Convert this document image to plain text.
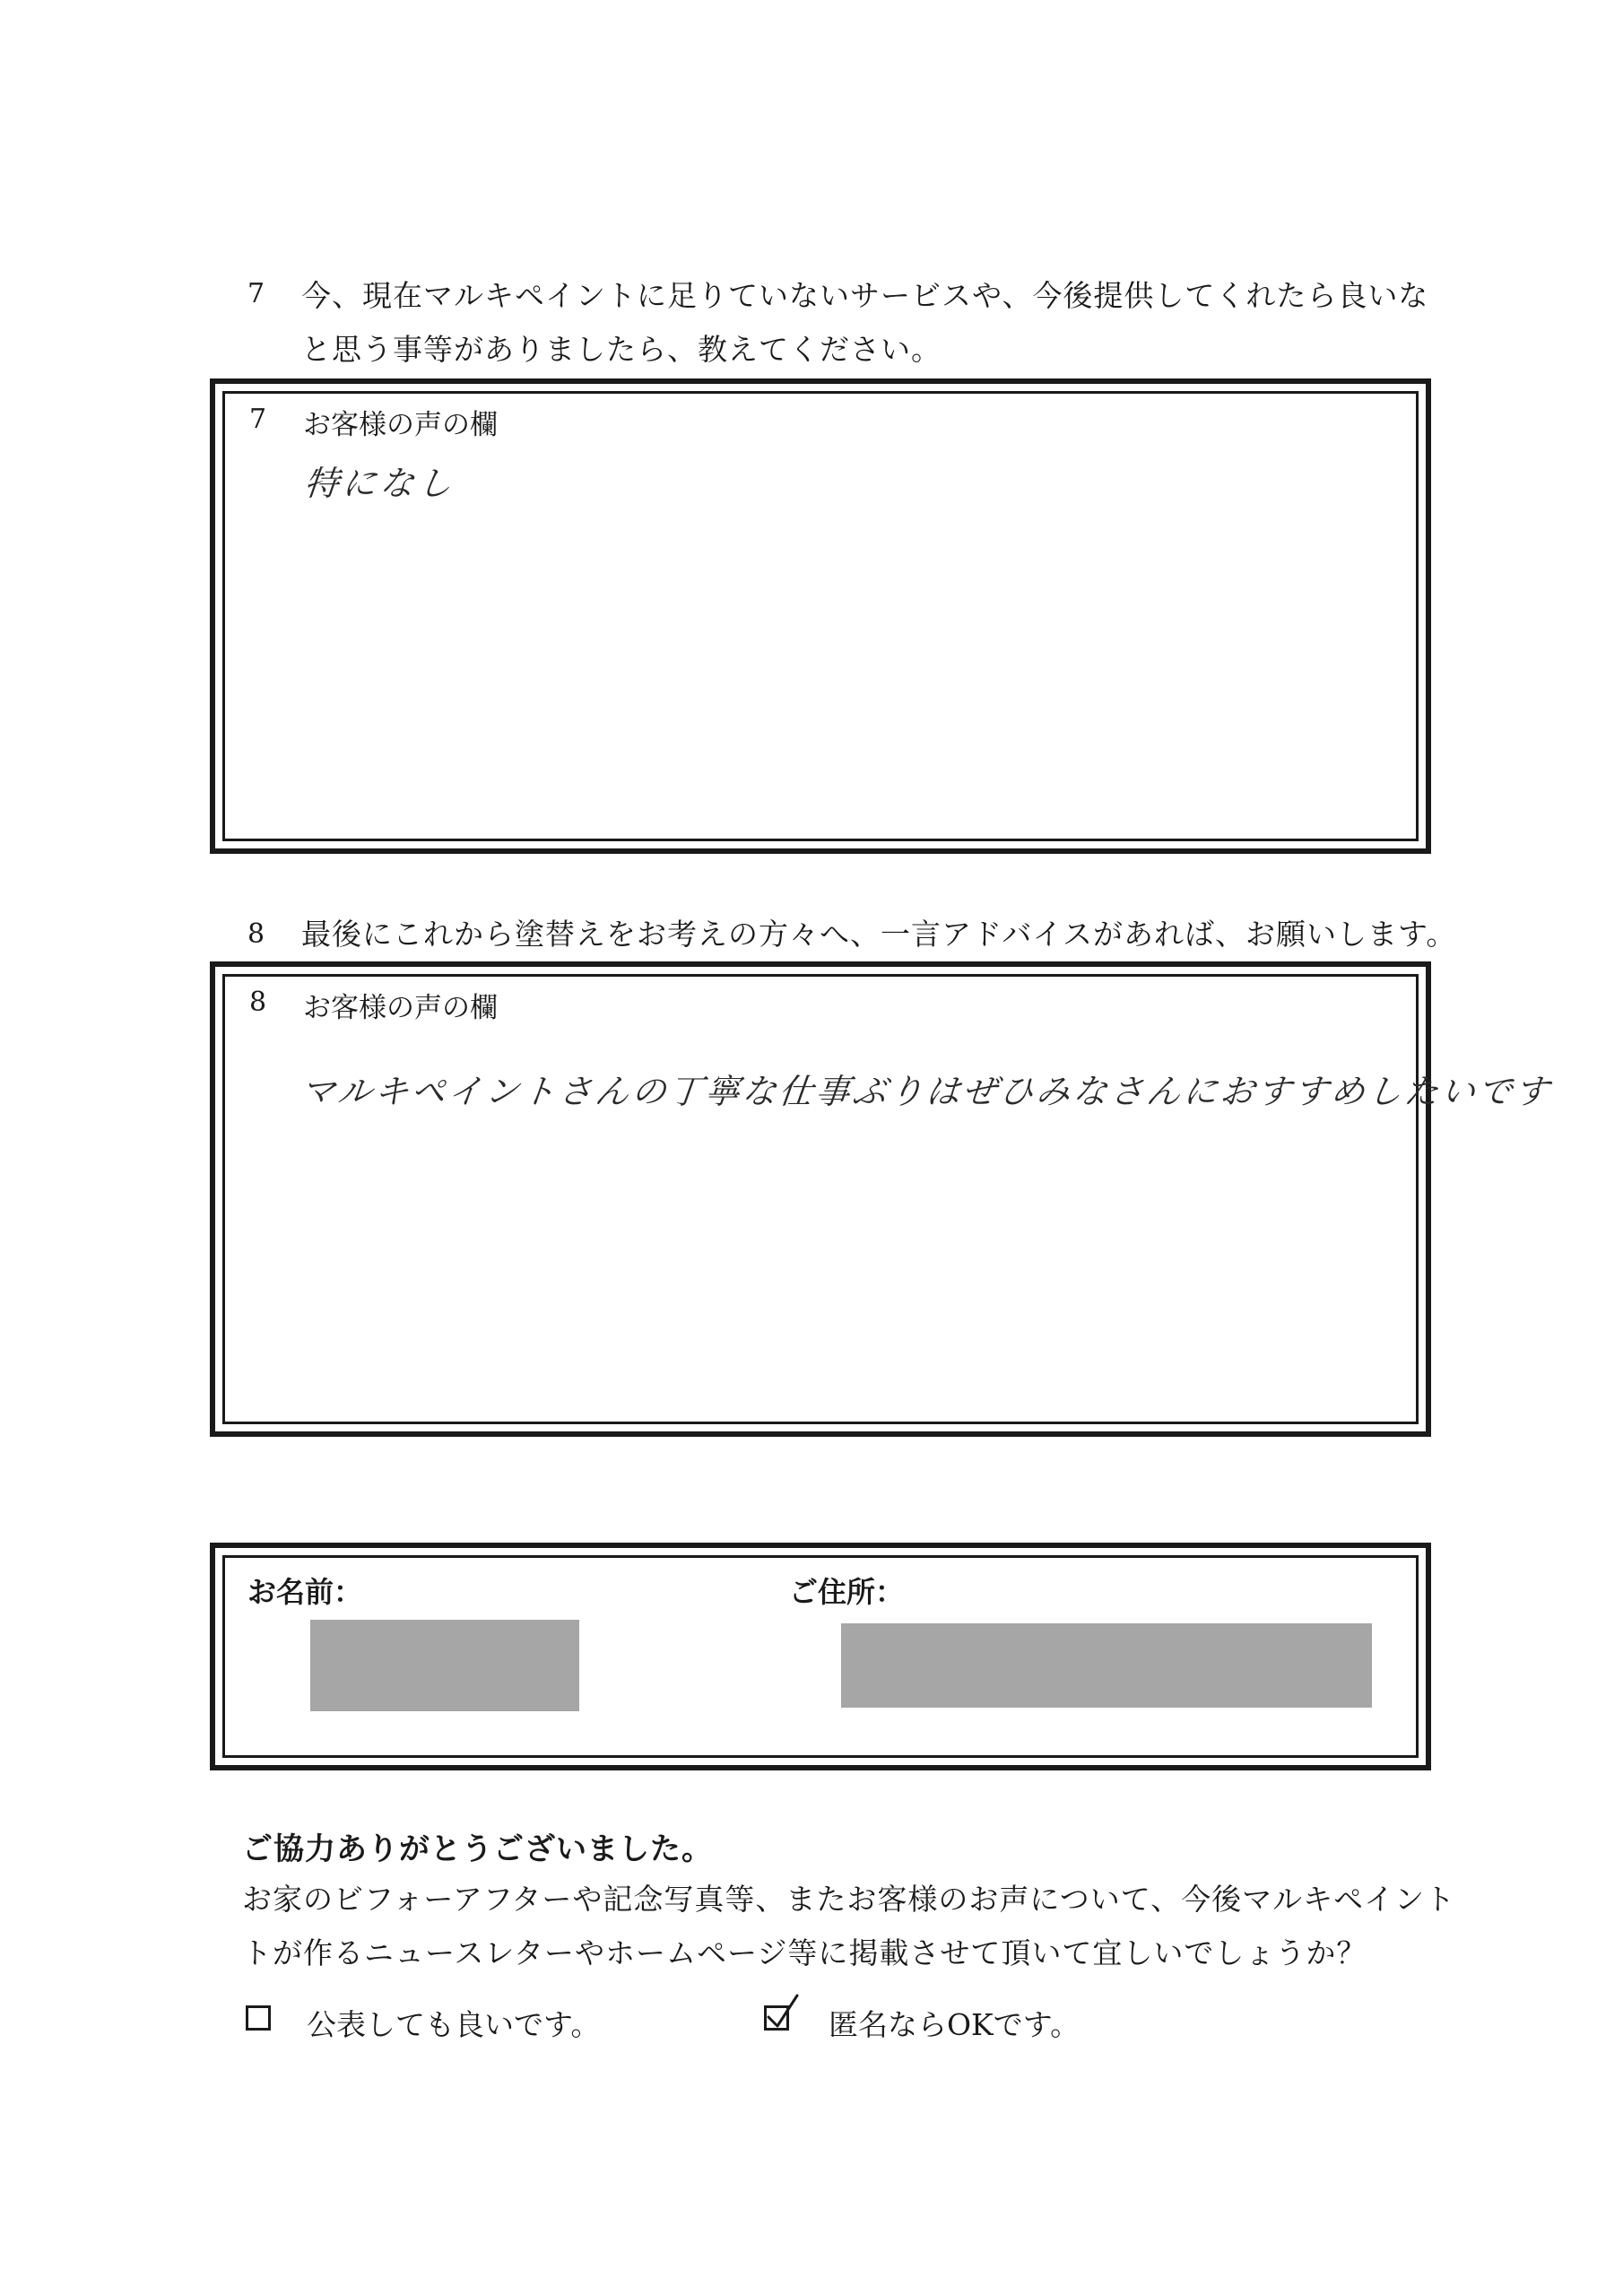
7 今、現在マルキペイントに足りていないサービスや、今後提供してくれたら良いな
と思う事等がありましたら、教えてください。
7 お客様の声の欄
特になし
8 最後にこれから塗替えをお考えの方々へ、一言アドバイスがあれば、お願いします。
8 お客様の声の欄
マルキペイントさんの丁寧な仕事ぶりはぜひみなさんにおすすめしたいです
お名前：	ご住所：
ご協力ありがとうございました。
お家のビフォーアフターや記念写真等、またお客様のお声について、今後マルキペイント
トが作るニュースレターやホームページ等に掲載させて頂いて宜しいでしょうか？
公表しても良いです。	匿名ならOKです。
